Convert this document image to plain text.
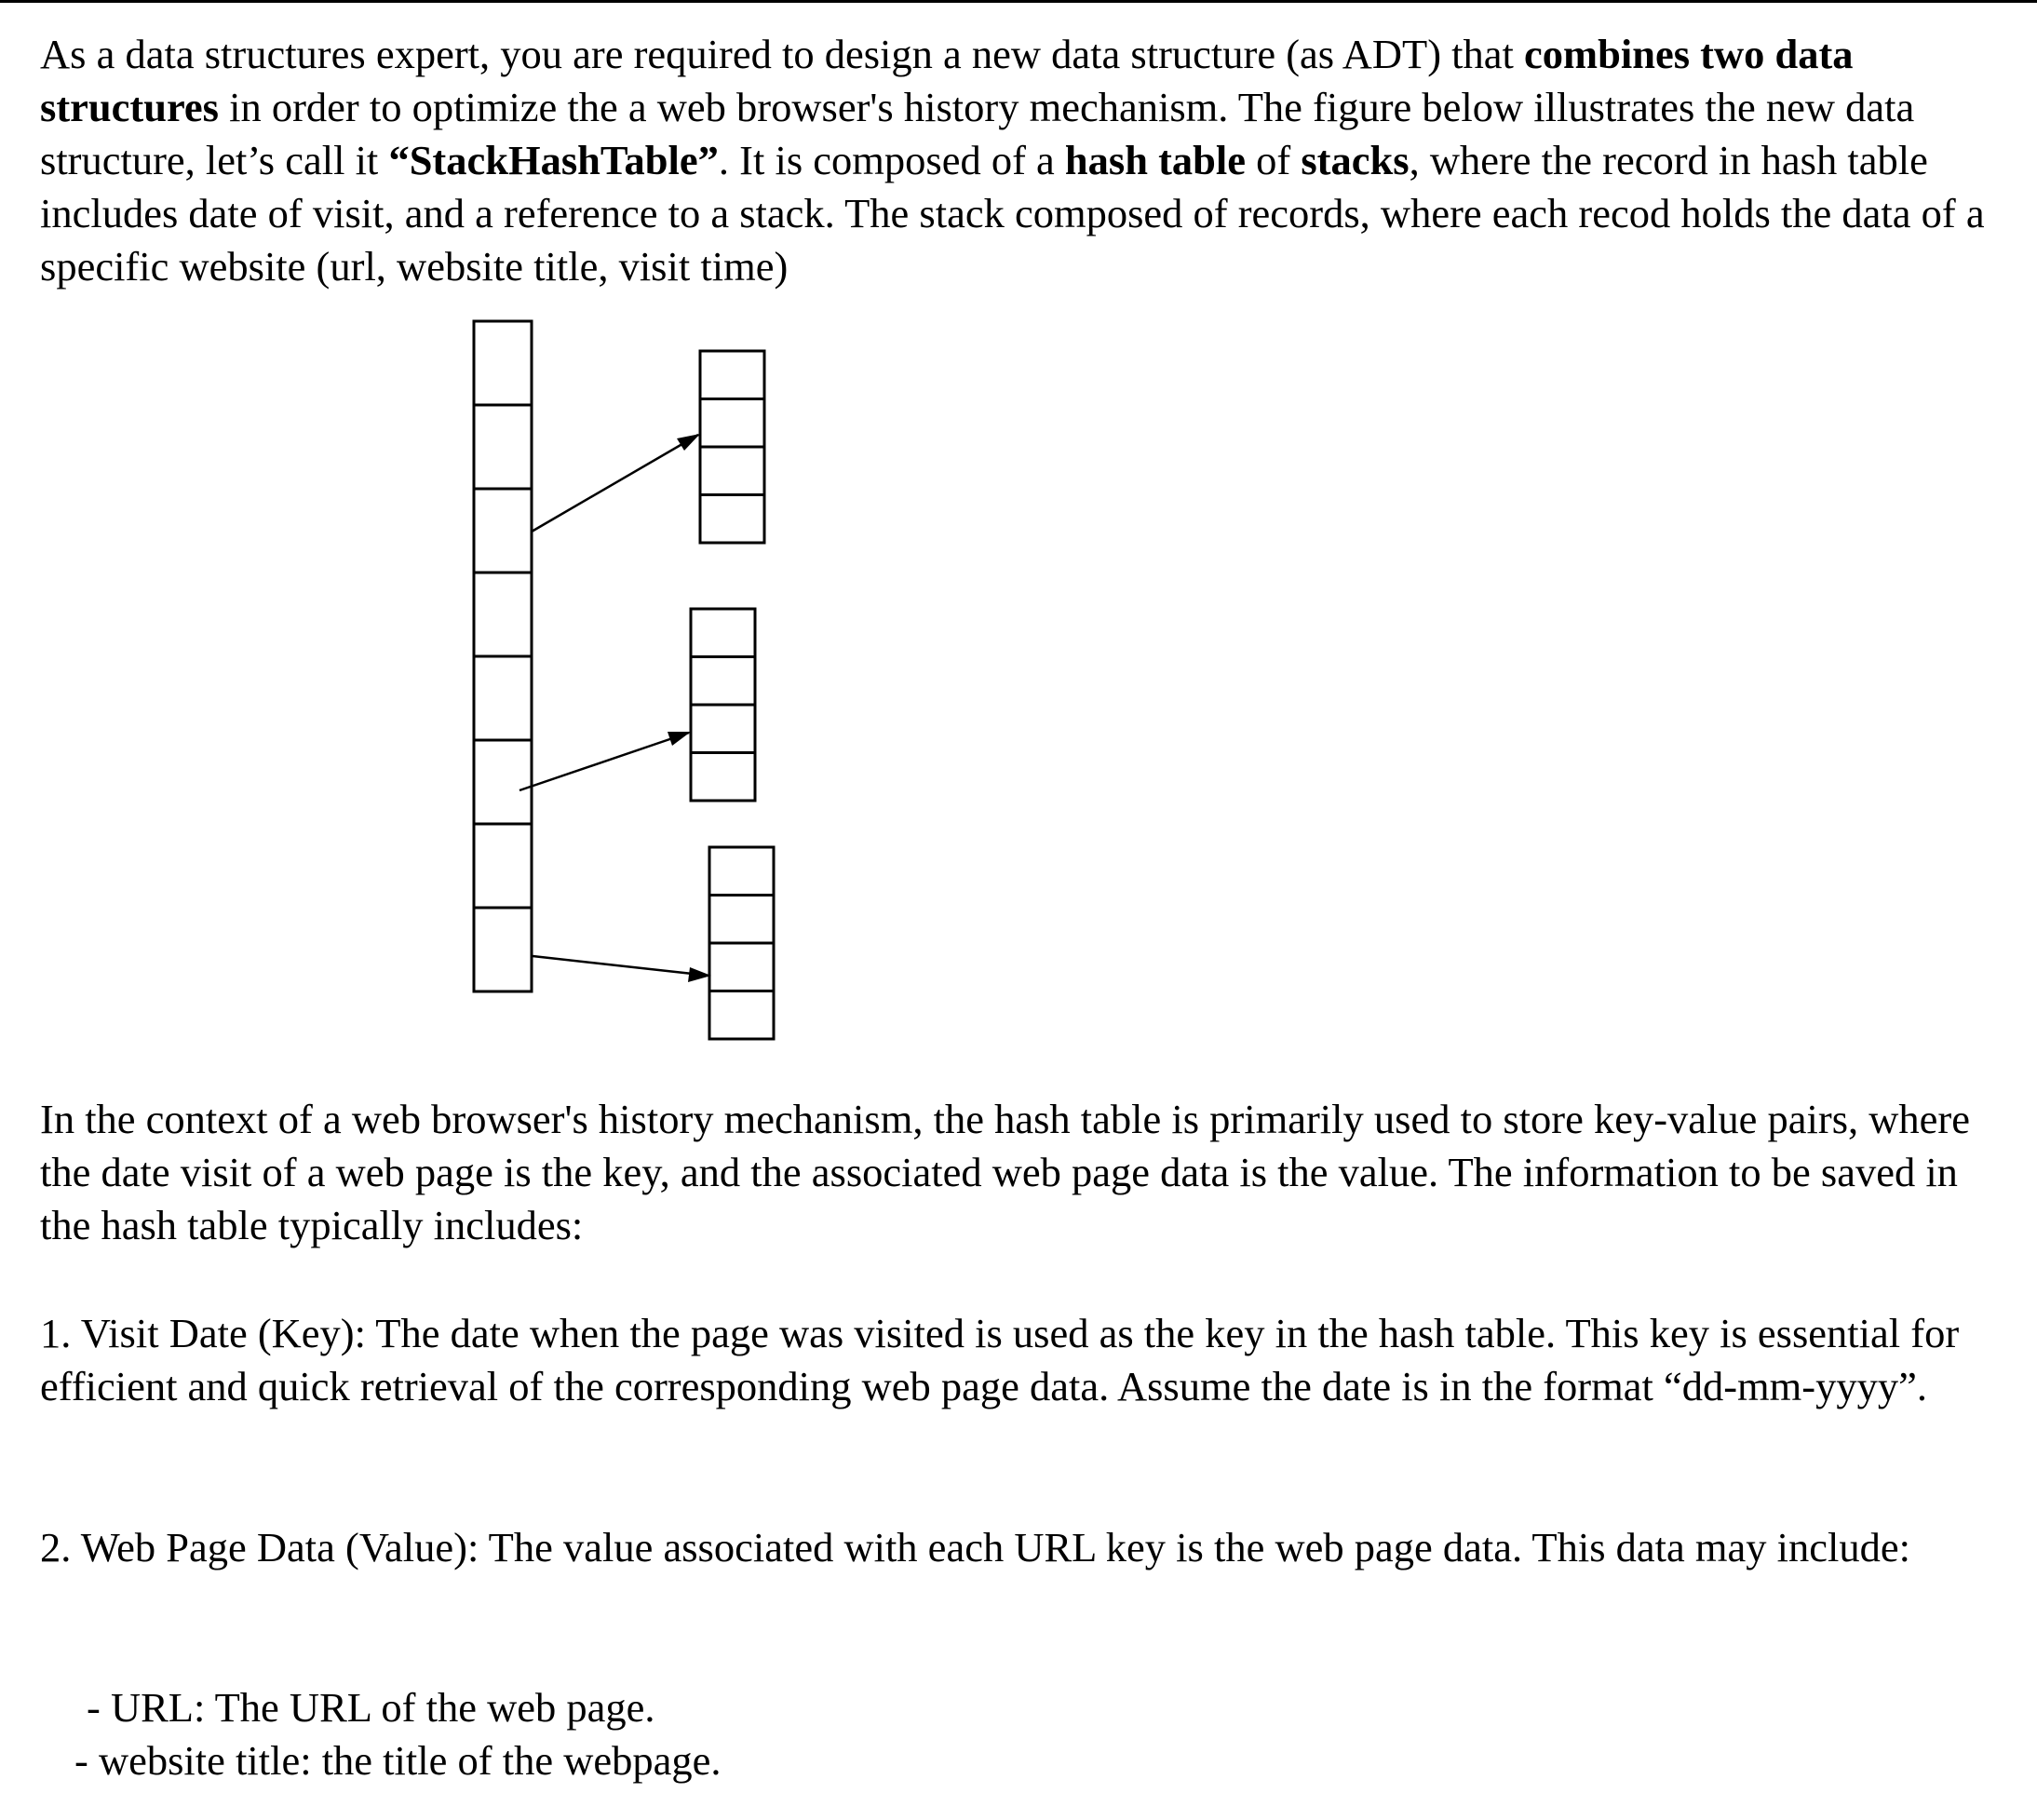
As a data structures expert, you are required to design a new data structure (as ADT) that combines two data structures in order to optimize the a web browser's history mechanism. The figure below illustrates the new data structure, let’s call it “StackHashTable”. It is composed of a hash table of stacks, where the record in hash table includes date of visit, and a reference to a stack. The stack composed of records, where each recod holds the data of a specific website (url, website title, visit time)

In the context of a web browser's history mechanism, the hash table is primarily used to store key-value pairs, where the date visit of a web page is the key, and the associated web page data is the value. The information to be saved in the hash table typically includes:

1. Visit Date (Key): The date when the page was visited is used as the key in the hash table. This key is essential for efficient and quick retrieval of the corresponding web page data. Assume the date is in the format “dd-mm-yyyy”.

2. Web Page Data (Value): The value associated with each URL key is the web page data. This data may include:

- URL: The URL of the web page.

- website title: the title of the webpage.
